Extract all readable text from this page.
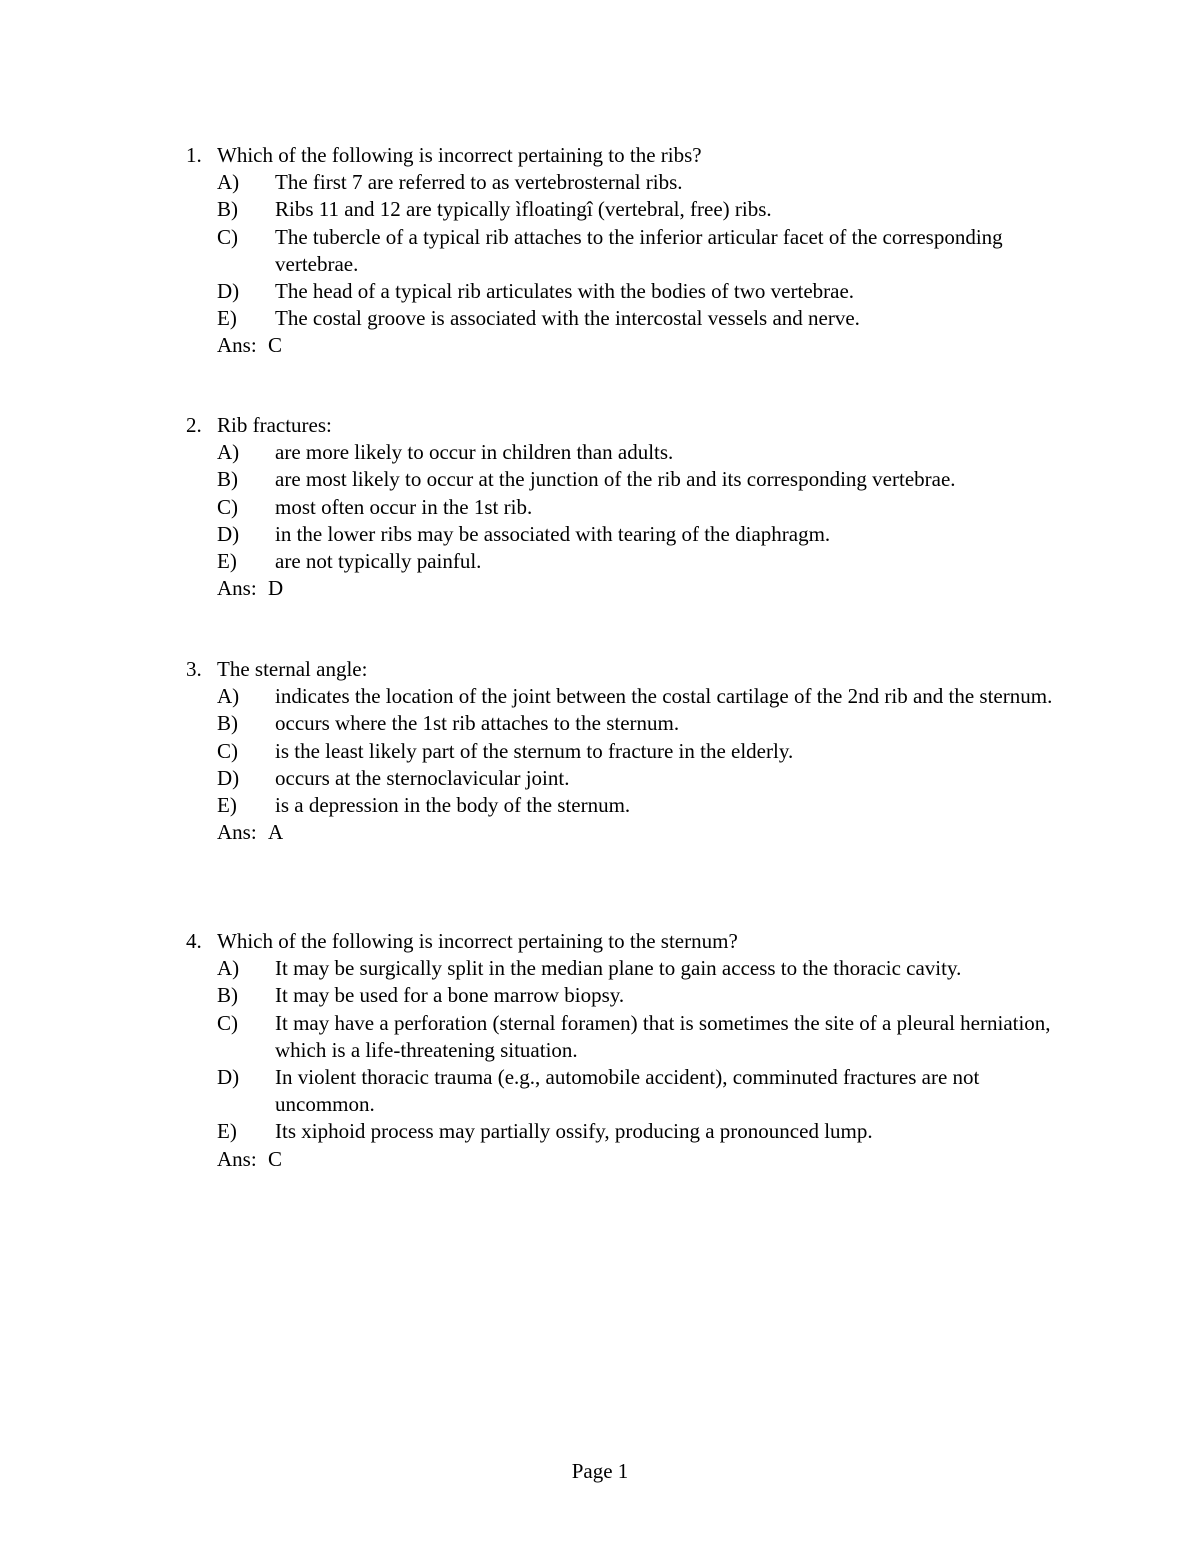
1. Which of the following is incorrect pertaining to the ribs?
A) The first 7 are referred to as vertebrosternal ribs.
B) Ribs 11 and 12 are typically ìfloatingî (vertebral, free) ribs.
C) The tubercle of a typical rib attaches to the inferior articular facet of the corresponding vertebrae.
D) The head of a typical rib articulates with the bodies of two vertebrae.
E) The costal groove is associated with the intercostal vessels and nerve.
Ans: C
2. Rib fractures:
A) are more likely to occur in children than adults.
B) are most likely to occur at the junction of the rib and its corresponding vertebrae.
C) most often occur in the 1st rib.
D) in the lower ribs may be associated with tearing of the diaphragm.
E) are not typically painful.
Ans: D
3. The sternal angle:
A) indicates the location of the joint between the costal cartilage of the 2nd rib and the sternum.
B) occurs where the 1st rib attaches to the sternum.
C) is the least likely part of the sternum to fracture in the elderly.
D) occurs at the sternoclavicular joint.
E) is a depression in the body of the sternum.
Ans: A
4. Which of the following is incorrect pertaining to the sternum?
A) It may be surgically split in the median plane to gain access to the thoracic cavity.
B) It may be used for a bone marrow biopsy.
C) It may have a perforation (sternal foramen) that is sometimes the site of a pleural herniation, which is a life-threatening situation.
D) In violent thoracic trauma (e.g., automobile accident), comminuted fractures are not uncommon.
E) Its xiphoid process may partially ossify, producing a pronounced lump.
Ans: C
Page 1
